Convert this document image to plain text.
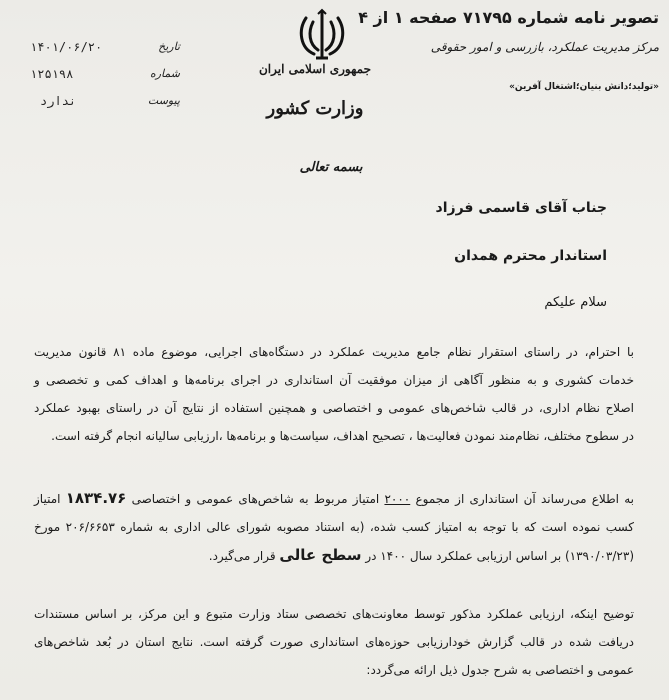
تصویر نامه شماره ۷۱۷۹۵ صفحه ۱ از ۴
مرکز مدیریت عملکرد، بازرسی و امور حقوقی
«تولید؛دانش بنیان؛اشتغال آفرین»
جمهوری اسلامی ایران
وزارت کشور
تاریخ
۱۴۰۱/۰۶/۲۰
شماره
۱۲۵۱۹۸
پیوست
ندارد
بسمه تعالی
جناب آقای قاسمی فرزاد
استاندار محترم همدان
سلام علیکم
با احترام، در راستای استقرار نظام جامع مدیریت عملکرد در دستگاه‌های اجرایی، موضوع ماده ۸۱ قانون مدیریت
خدمات کشوری و به منظور آگاهی از میزان موفقیت آن استانداری در اجرای برنامه‌ها و اهداف کمی و تخصصی و
اصلاح نظام اداری، در قالب شاخص‌های عمومی و اختصاصی و همچنین استفاده از نتایج آن در راستای بهبود عملکرد
در سطوح مختلف، نظام‌مند نمودن فعالیت‌ها ، تصحیح اهداف، سیاست‌ها و برنامه‌ها ،ارزیابی سالیانه انجام گرفته است.
به اطلاع می‌رساند آن استانداری از مجموع ۲۰۰۰ امتیاز مربوط به شاخص‌های عمومی و اختصاصی ۱۸۳۴.۷۶ امتیاز
کسب نموده است که با توجه به امتیاز کسب شده، (به استناد مصوبه شورای عالی اداری به شماره ۲۰۶/۶۶۵۳ مورخ
(۱۳۹۰/۰۳/۲۳) بر اساس ارزیابی عملکرد سال ۱۴۰۰ در سطح عالی قرار می‌گیرد.
توضیح اینکه، ارزیابی عملکرد مذکور توسط معاونت‌های تخصصی ستاد وزارت متبوع و این مرکز، بر اساس مستندات
دریافت شده در قالب گزارش خودارزیابی حوزه‌های استانداری صورت گرفته است. نتایج استان در بُعد شاخص‌های
عمومی و اختصاصی به شرح جدول ذیل ارائه می‌گردد:
